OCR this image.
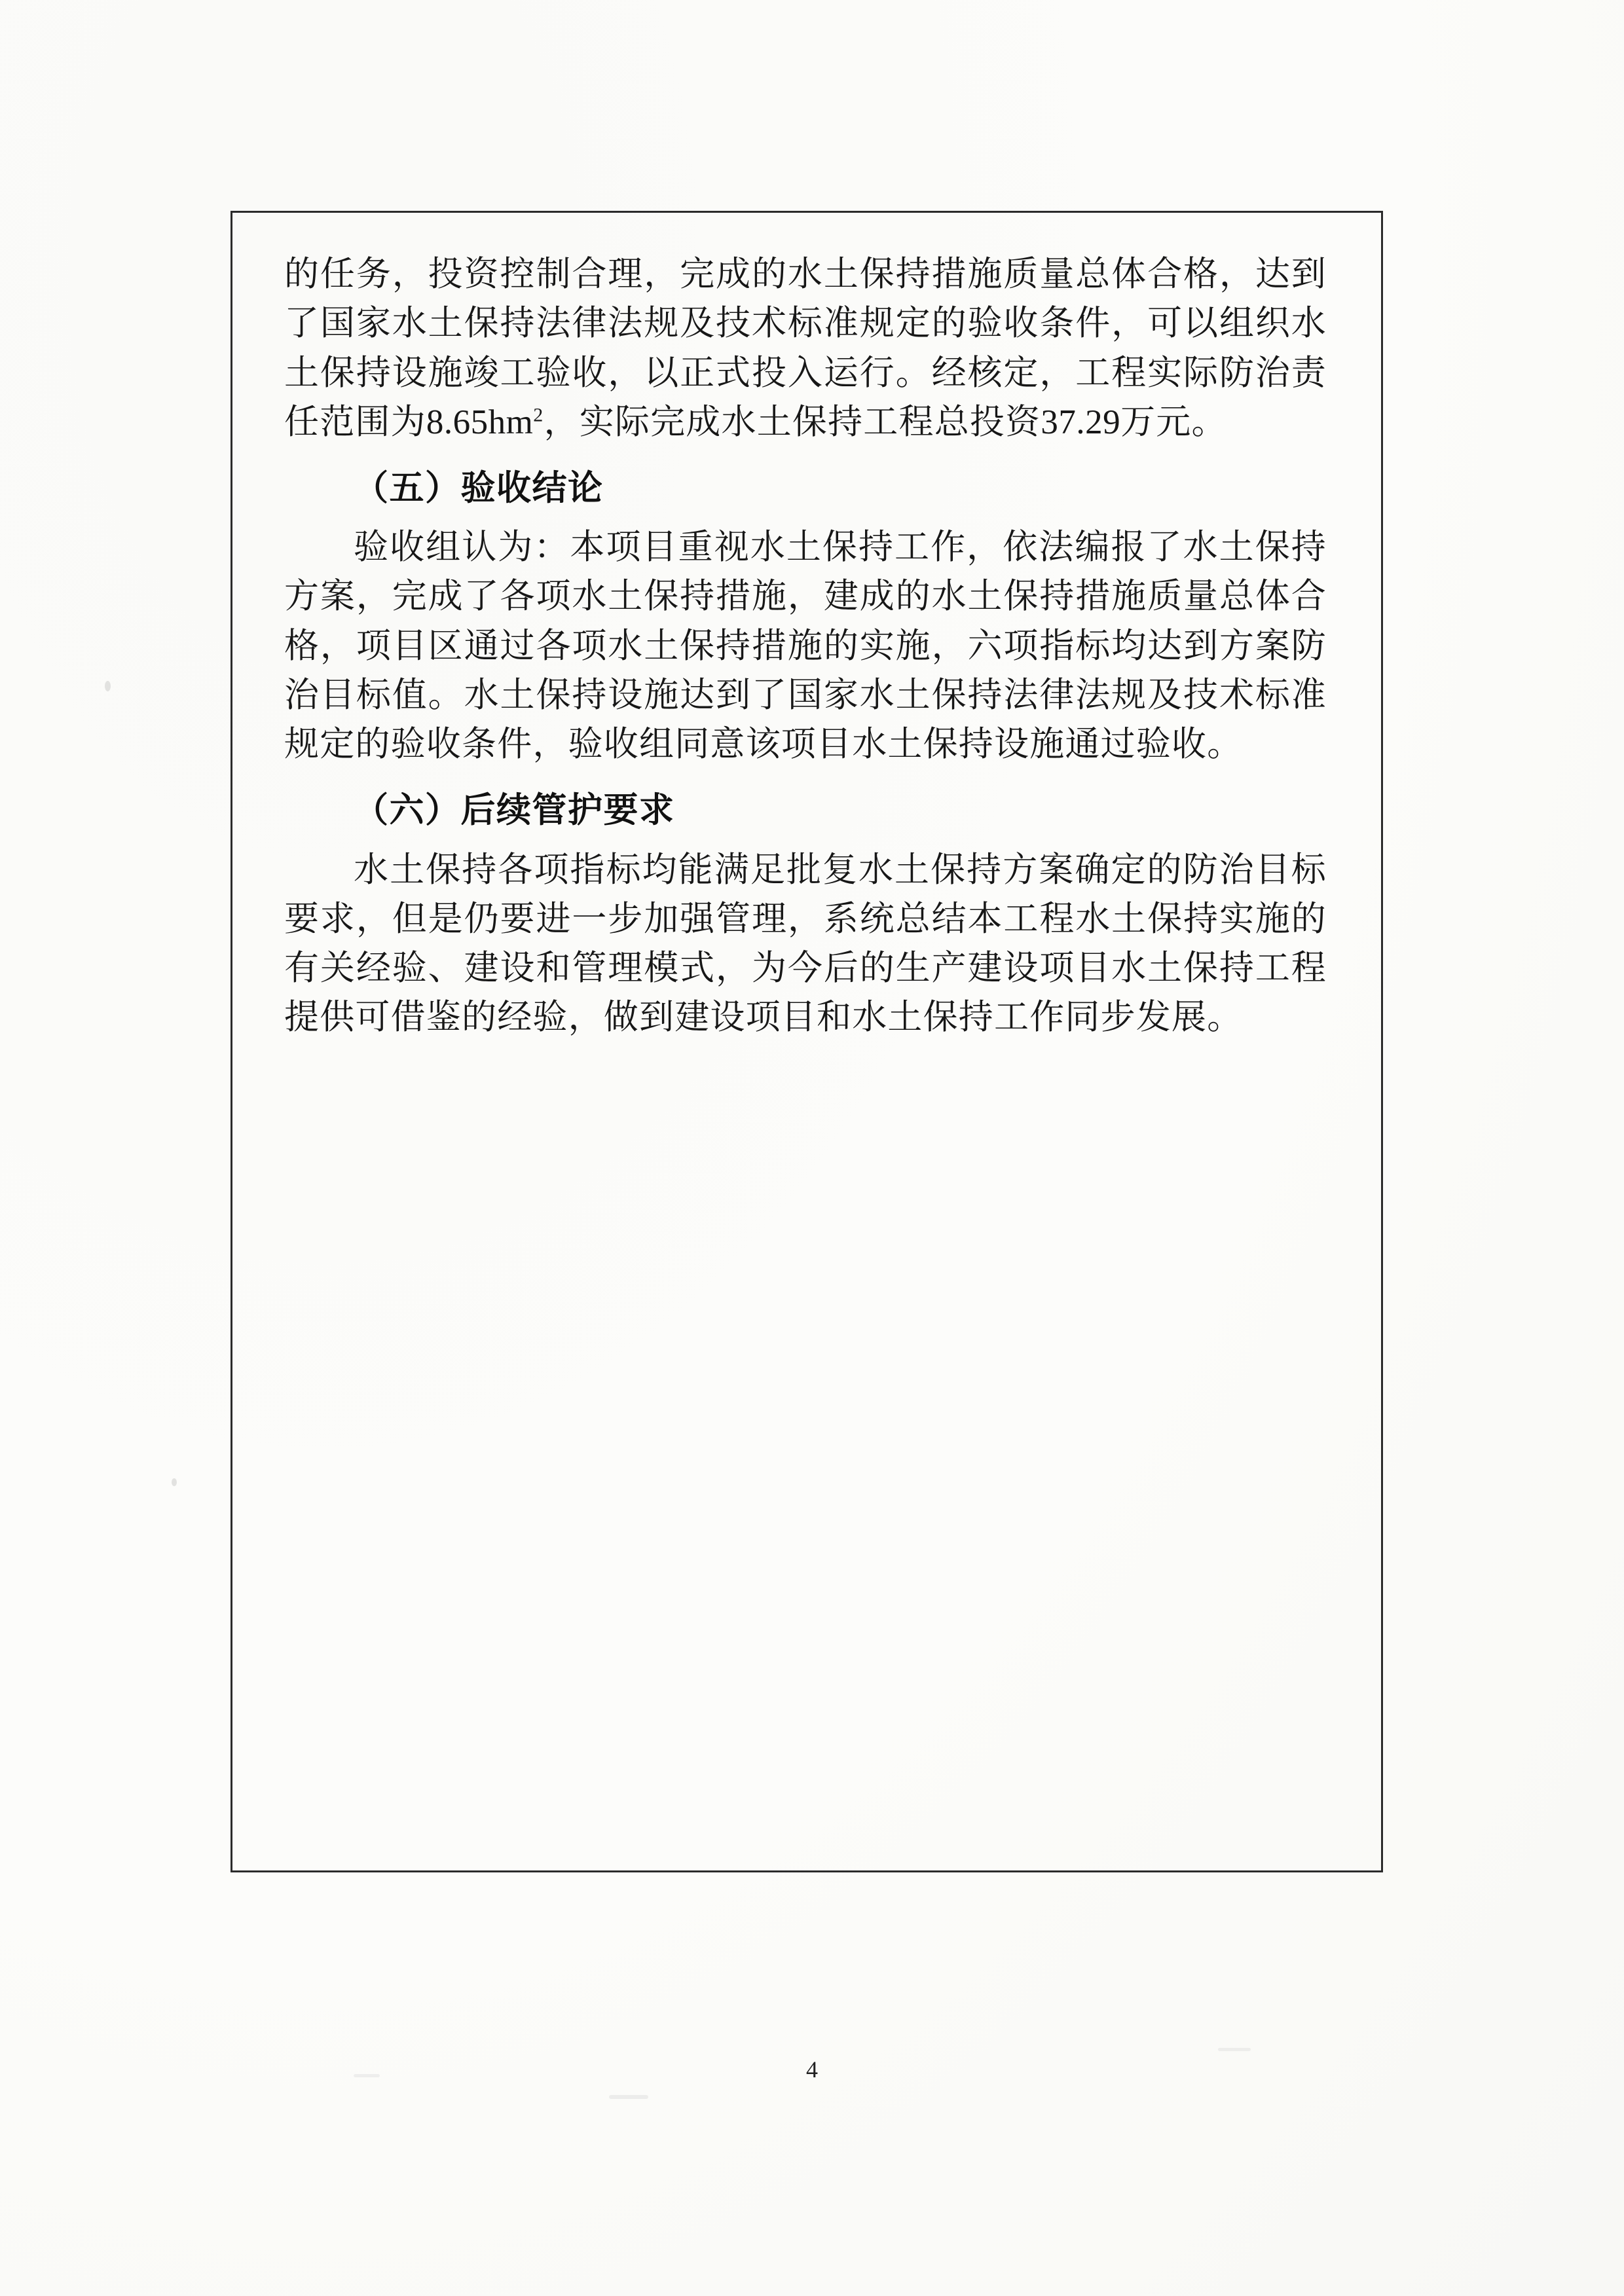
的任务，投资控制合理，完成的水土保持措施质量总体合格，达到了国家水土保持法律法规及技术标准规定的验收条件，可以组织水土保持设施竣工验收，以正式投入运行。经核定，工程实际防治责任范围为$8.65hm^2$，实际完成水土保持工程总投资37.29万元。

（五）验收结论

验收组认为：本项目重视水土保持工作，依法编报了水土保持方案，完成了各项水土保持措施，建成的水土保持措施质量总体合格，项目区通过各项水土保持措施的实施，六项指标均达到方案防治目标值。水土保持设施达到了国家水土保持法律法规及技术标准规定的验收条件，验收组同意该项目水土保持设施通过验收。

（六）后续管护要求

水土保持各项指标均能满足批复水土保持方案确定的防治目标要求，但是仍要进一步加强管理，系统总结本工程水土保持实施的有关经验、建设和管理模式，为今后的生产建设项目水土保持工程提供可借鉴的经验，做到建设项目和水土保持工作同步发展。

4
